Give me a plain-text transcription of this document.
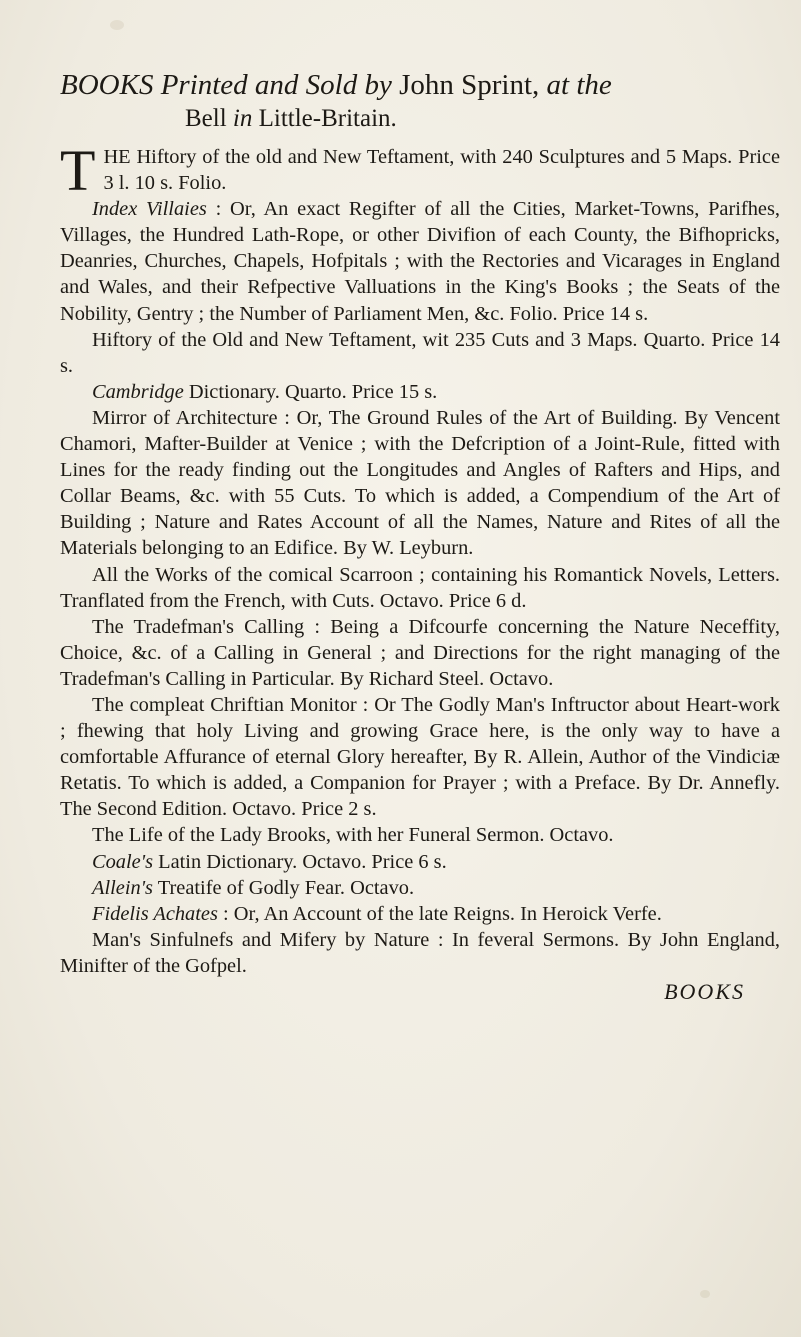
BOOKS Printed and Sold by John Sprint, at the
Bell in Little-Britain.

THE Hiftory of the old and New Teftament, with 240 Sculptures and 5 Maps. Price 3 l. 10 s. Folio.

Index Villaies : Or, An exact Regifter of all the Cities, Market-Towns, Parifhes, Villages, the Hundred Lath-Rope, or other Divifion of each County, the Bifhopricks, Deanries, Churches, Chapels, Hofpitals ; with the Rectories and Vicarages in England and Wales, and their Refpective Valluations in the King's Books ; the Seats of the Nobility, Gentry ; the Number of Parliament Men, &c. Folio. Price 14 s.

Hiftory of the Old and New Teftament, wit 235 Cuts and 3 Maps. Quarto. Price 14 s.

Cambridge Dictionary. Quarto. Price 15 s.

Mirror of Architecture : Or, The Ground Rules of the Art of Building. By Vencent Chamori, Mafter-Builder at Venice ; with the Defcription of a Joint-Rule, fitted with Lines for the ready finding out the Longitudes and Angles of Rafters and Hips, and Collar Beams, &c. with 55 Cuts. To which is added, a Compendium of the Art of Building ; Nature and Rates Account of all the Names, Nature and Rites of all the Materials belonging to an Edifice. By W. Leyburn.

All the Works of the comical Scarroon ; containing his Romantick Novels, Letters. Tranflated from the French, with Cuts. Octavo. Price 6 d.

The Tradefman's Calling : Being a Difcourfe concerning the Nature Neceffity, Choice, &c. of a Calling in General ; and Directions for the right managing of the Tradefman's Calling in Particular. By Richard Steel. Octavo.

The compleat Chriftian Monitor : Or The Godly Man's Inftructor about Heart-work ; fhewing that holy Living and growing Grace here, is the only way to have a comfortable Affurance of eternal Glory hereafter, By R. Allein, Author of the Vindiciæ Retatis. To which is added, a Companion for Prayer ; with a Preface. By Dr. Annefly. The Second Edition. Octavo. Price 2 s.

The Life of the Lady Brooks, with her Funeral Sermon. Octavo.

Coale's Latin Dictionary. Octavo. Price 6 s.

Allein's Treatife of Godly Fear. Octavo.

Fidelis Achates : Or, An Account of the late Reigns. In Heroick Verfe.

Man's Sinfulnefs and Mifery by Nature : In feveral Sermons. By John England, Minifter of the Gofpel.

BOOKS
